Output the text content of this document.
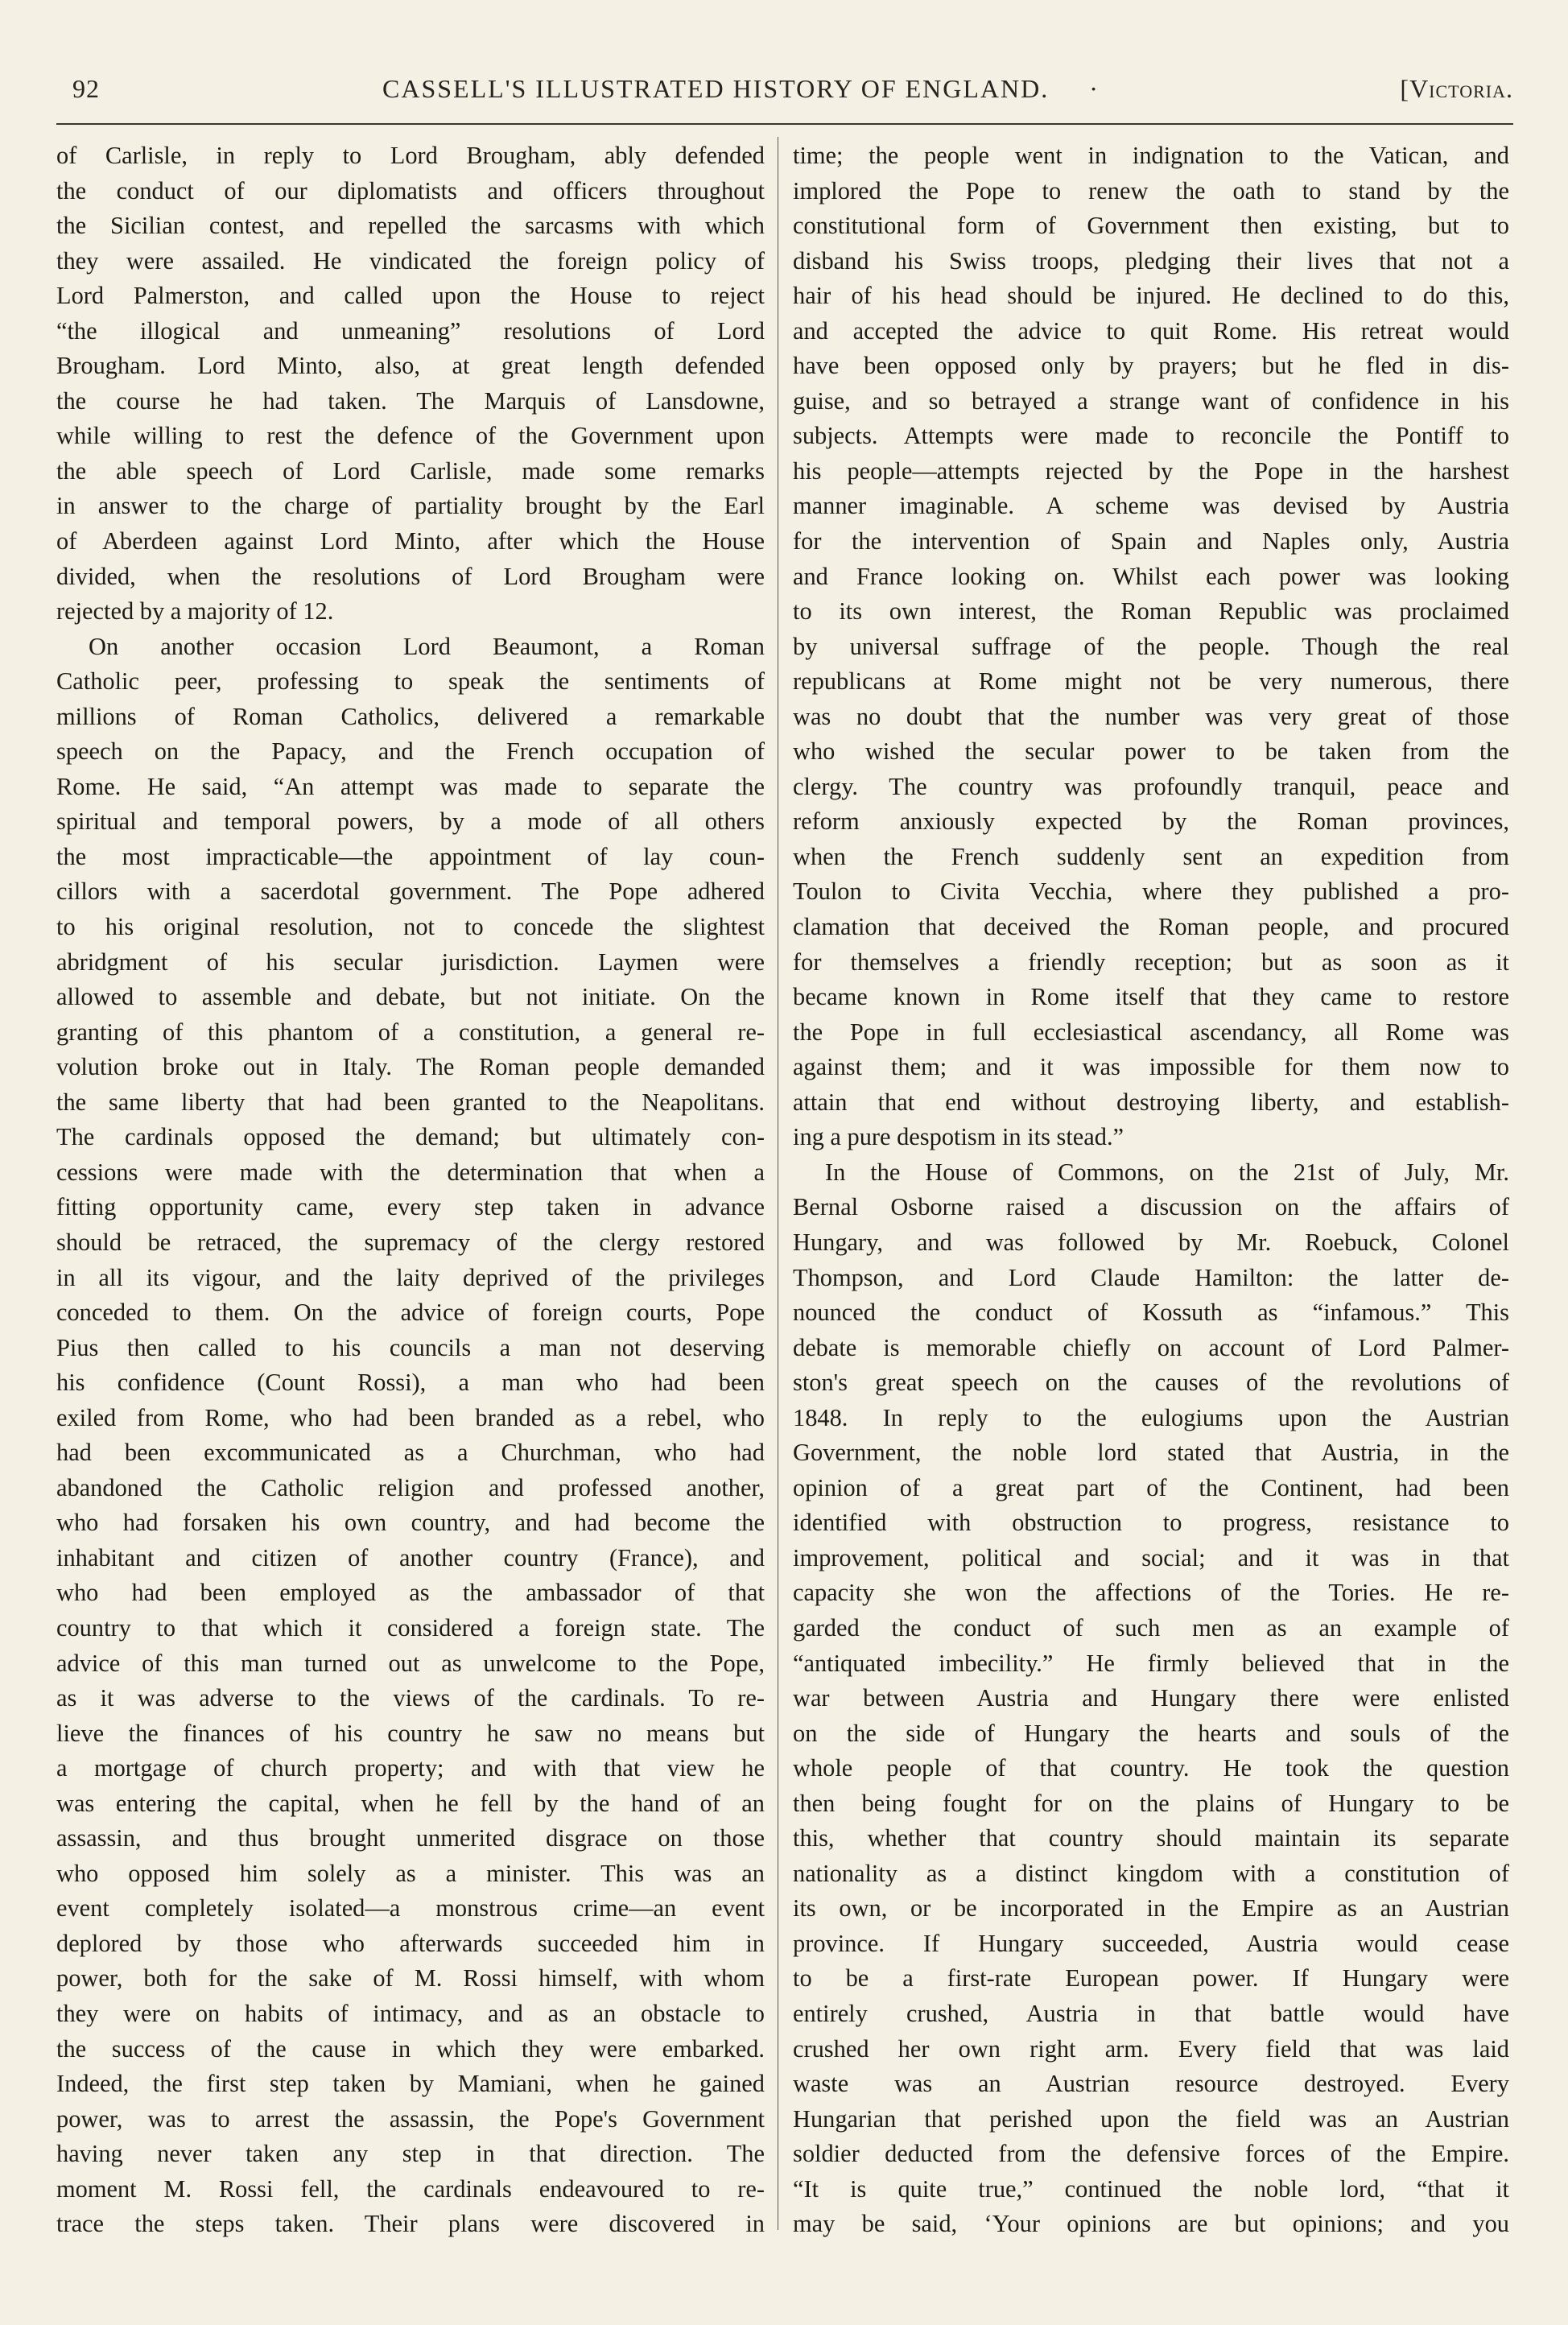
92	CASSELL'S ILLUSTRATED HISTORY OF ENGLAND. ·	[Victoria.
of Carlisle, in reply to Lord Brougham, ably defended
the conduct of our diplomatists and officers throughout
the Sicilian contest, and repelled the sarcasms with which
they were assailed. He vindicated the foreign policy of
Lord Palmerston, and called upon the House to reject
“the illogical and unmeaning” resolutions of Lord
Brougham. Lord Minto, also, at great length defended
the course he had taken. The Marquis of Lansdowne,
while willing to rest the defence of the Government upon
the able speech of Lord Carlisle, made some remarks
in answer to the charge of partiality brought by the Earl
of Aberdeen against Lord Minto, after which the House
divided, when the resolutions of Lord Brougham were
rejected by a majority of 12.
On another occasion Lord Beaumont, a Roman
Catholic peer, professing to speak the sentiments of
millions of Roman Catholics, delivered a remarkable
speech on the Papacy, and the French occupation of
Rome. He said, “An attempt was made to separate the
spiritual and temporal powers, by a mode of all others
the most impracticable—the appointment of lay coun-
cillors with a sacerdotal government. The Pope adhered
to his original resolution, not to concede the slightest
abridgment of his secular jurisdiction. Laymen were
allowed to assemble and debate, but not initiate. On the
granting of this phantom of a constitution, a general re-
volution broke out in Italy. The Roman people demanded
the same liberty that had been granted to the Neapolitans.
The cardinals opposed the demand; but ultimately con-
cessions were made with the determination that when a
fitting opportunity came, every step taken in advance
should be retraced, the supremacy of the clergy restored
in all its vigour, and the laity deprived of the privileges
conceded to them. On the advice of foreign courts, Pope
Pius then called to his councils a man not deserving
his confidence (Count Rossi), a man who had been
exiled from Rome, who had been branded as a rebel, who
had been excommunicated as a Churchman, who had
abandoned the Catholic religion and professed another,
who had forsaken his own country, and had become the
inhabitant and citizen of another country (France), and
who had been employed as the ambassador of that
country to that which it considered a foreign state. The
advice of this man turned out as unwelcome to the Pope,
as it was adverse to the views of the cardinals. To re-
lieve the finances of his country he saw no means but
a mortgage of church property; and with that view he
was entering the capital, when he fell by the hand of an
assassin, and thus brought unmerited disgrace on those
who opposed him solely as a minister. This was an
event completely isolated—a monstrous crime—an event
deplored by those who afterwards succeeded him in
power, both for the sake of M. Rossi himself, with whom
they were on habits of intimacy, and as an obstacle to
the success of the cause in which they were embarked.
Indeed, the first step taken by Mamiani, when he gained
power, was to arrest the assassin, the Pope's Government
having never taken any step in that direction. The
moment M. Rossi fell, the cardinals endeavoured to re-
trace the steps taken. Their plans were discovered in
time; the people went in indignation to the Vatican, and
implored the Pope to renew the oath to stand by the
constitutional form of Government then existing, but to
disband his Swiss troops, pledging their lives that not a
hair of his head should be injured. He declined to do this,
and accepted the advice to quit Rome. His retreat would
have been opposed only by prayers; but he fled in dis-
guise, and so betrayed a strange want of confidence in his
subjects. Attempts were made to reconcile the Pontiff to
his people—attempts rejected by the Pope in the harshest
manner imaginable. A scheme was devised by Austria
for the intervention of Spain and Naples only, Austria
and France looking on. Whilst each power was looking
to its own interest, the Roman Republic was proclaimed
by universal suffrage of the people. Though the real
republicans at Rome might not be very numerous, there
was no doubt that the number was very great of those
who wished the secular power to be taken from the
clergy. The country was profoundly tranquil, peace and
reform anxiously expected by the Roman provinces,
when the French suddenly sent an expedition from
Toulon to Civita Vecchia, where they published a pro-
clamation that deceived the Roman people, and procured
for themselves a friendly reception; but as soon as it
became known in Rome itself that they came to restore
the Pope in full ecclesiastical ascendancy, all Rome was
against them; and it was impossible for them now to
attain that end without destroying liberty, and establish-
ing a pure despotism in its stead.”
In the House of Commons, on the 21st of July, Mr.
Bernal Osborne raised a discussion on the affairs of
Hungary, and was followed by Mr. Roebuck, Colonel
Thompson, and Lord Claude Hamilton: the latter de-
nounced the conduct of Kossuth as “infamous.” This
debate is memorable chiefly on account of Lord Palmer-
ston's great speech on the causes of the revolutions of
1848. In reply to the eulogiums upon the Austrian
Government, the noble lord stated that Austria, in the
opinion of a great part of the Continent, had been
identified with obstruction to progress, resistance to
improvement, political and social; and it was in that
capacity she won the affections of the Tories. He re-
garded the conduct of such men as an example of
“antiquated imbecility.” He firmly believed that in the
war between Austria and Hungary there were enlisted
on the side of Hungary the hearts and souls of the
whole people of that country. He took the question
then being fought for on the plains of Hungary to be
this, whether that country should maintain its separate
nationality as a distinct kingdom with a constitution of
its own, or be incorporated in the Empire as an Austrian
province. If Hungary succeeded, Austria would cease
to be a first-rate European power. If Hungary were
entirely crushed, Austria in that battle would have
crushed her own right arm. Every field that was laid
waste was an Austrian resource destroyed. Every
Hungarian that perished upon the field was an Austrian
soldier deducted from the defensive forces of the Empire.
“It is quite true,” continued the noble lord, “that it
may be said, ‘Your opinions are but opinions; and you
